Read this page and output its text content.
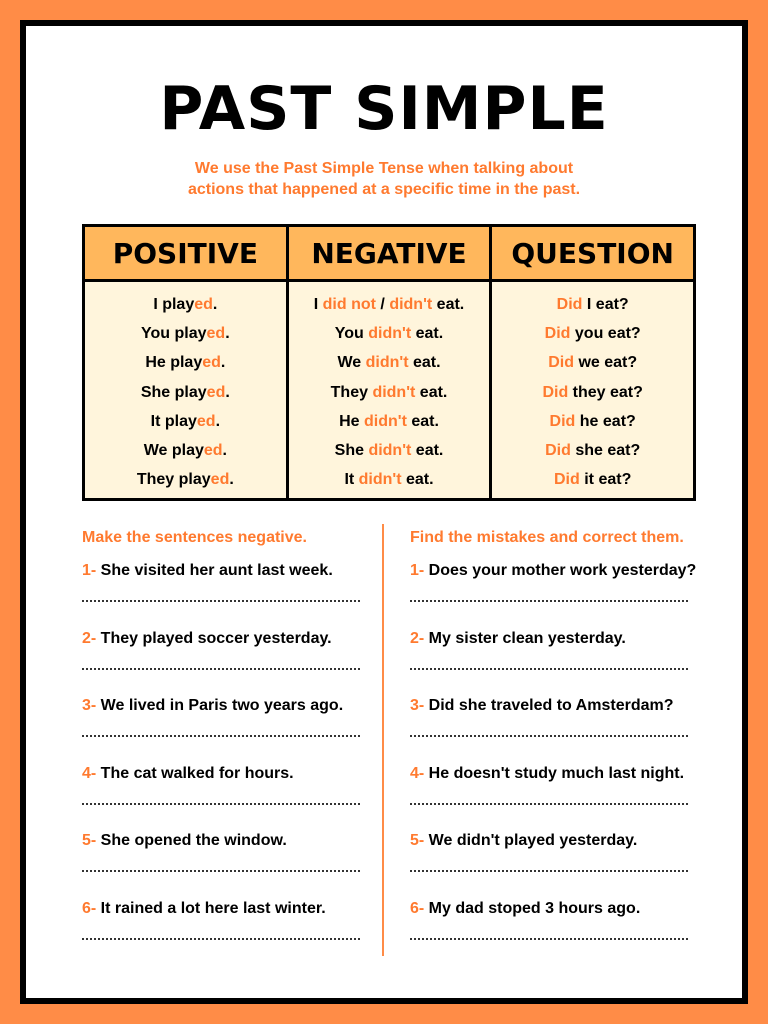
PAST SIMPLE
We use the Past Simple Tense when talking about
actions that happened at a specific time in the past.
POSITIVE
I play ed .
You play ed .
He play ed .
She play ed .
It play ed .
We play ed .
They play ed .
NEGATIVE
I did not / didn't eat.
You didn't eat.
We didn't eat.
They didn't eat.
He didn't eat.
She didn't eat.
It didn't eat.
QUESTION
Did I eat?
Did you eat?
Did we eat?
Did they eat?
Did he eat?
Did she eat?
Did it eat?
Make the sentences negative.
1- She visited her aunt last week.
2- They played soccer yesterday.
3- We lived in Paris two years ago.
4- The cat walked for hours.
5- She opened the window.
6- It rained a lot here last winter.
Find the mistakes and correct them.
1- Does your mother work yesterday?
2- My sister clean yesterday.
3- Did she traveled to Amsterdam?
4- He doesn't study much last night.
5- We didn't played yesterday.
6- My dad stoped 3 hours ago.
